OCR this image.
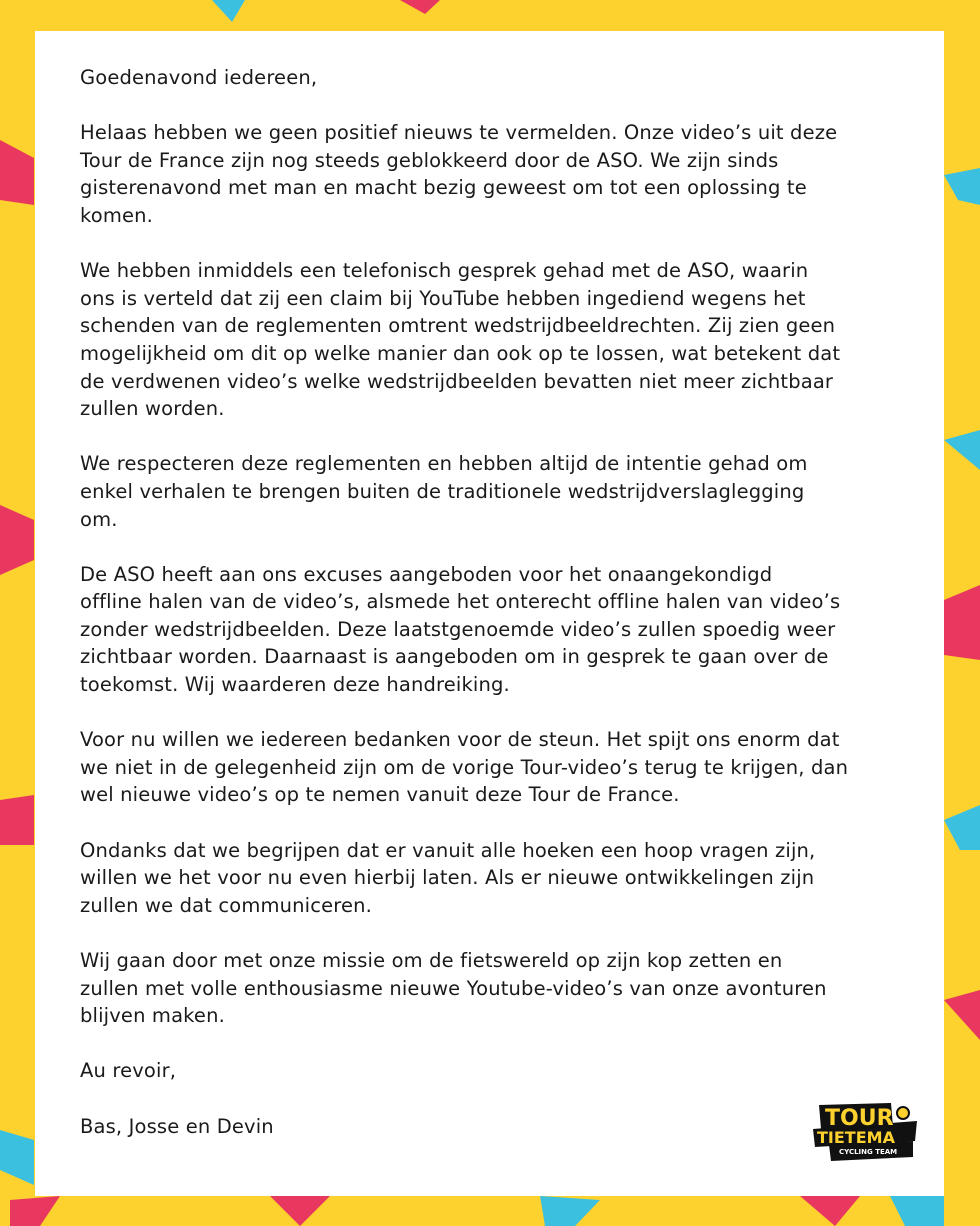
Goedenavond iedereen,

Helaas hebben we geen positief nieuws te vermelden. Onze video’s uit deze
Tour de France zijn nog steeds geblokkeerd door de ASO. We zijn sinds
gisterenavond met man en macht bezig geweest om tot een oplossing te
komen.

We hebben inmiddels een telefonisch gesprek gehad met de ASO, waarin
ons is verteld dat zij een claim bij YouTube hebben ingediend wegens het
schenden van de reglementen omtrent wedstrijdbeeldrechten. Zij zien geen
mogelijkheid om dit op welke manier dan ook op te lossen, wat betekent dat
de verdwenen video’s welke wedstrijdbeelden bevatten niet meer zichtbaar
zullen worden.

We respecteren deze reglementen en hebben altijd de intentie gehad om
enkel verhalen te brengen buiten de traditionele wedstrijdverslaglegging
om.

De ASO heeft aan ons excuses aangeboden voor het onaangekondigd
offline halen van de video’s, alsmede het onterecht offline halen van video’s
zonder wedstrijdbeelden. Deze laatstgenoemde video’s zullen spoedig weer
zichtbaar worden. Daarnaast is aangeboden om in gesprek te gaan over de
toekomst. Wij waarderen deze handreiking.

Voor nu willen we iedereen bedanken voor de steun. Het spijt ons enorm dat
we niet in de gelegenheid zijn om de vorige Tour-video’s terug te krijgen, dan
wel nieuwe video’s op te nemen vanuit deze Tour de France.

Ondanks dat we begrijpen dat er vanuit alle hoeken een hoop vragen zijn,
willen we het voor nu even hierbij laten. Als er nieuwe ontwikkelingen zijn
zullen we dat communiceren.

Wij gaan door met onze missie om de fietswereld op zijn kop zetten en
zullen met volle enthousiasme nieuwe Youtube-video’s van onze avonturen
blijven maken.

Au revoir,

Bas, Josse en Devin	TOUR
TIETEMA
CYCLING TEAM
